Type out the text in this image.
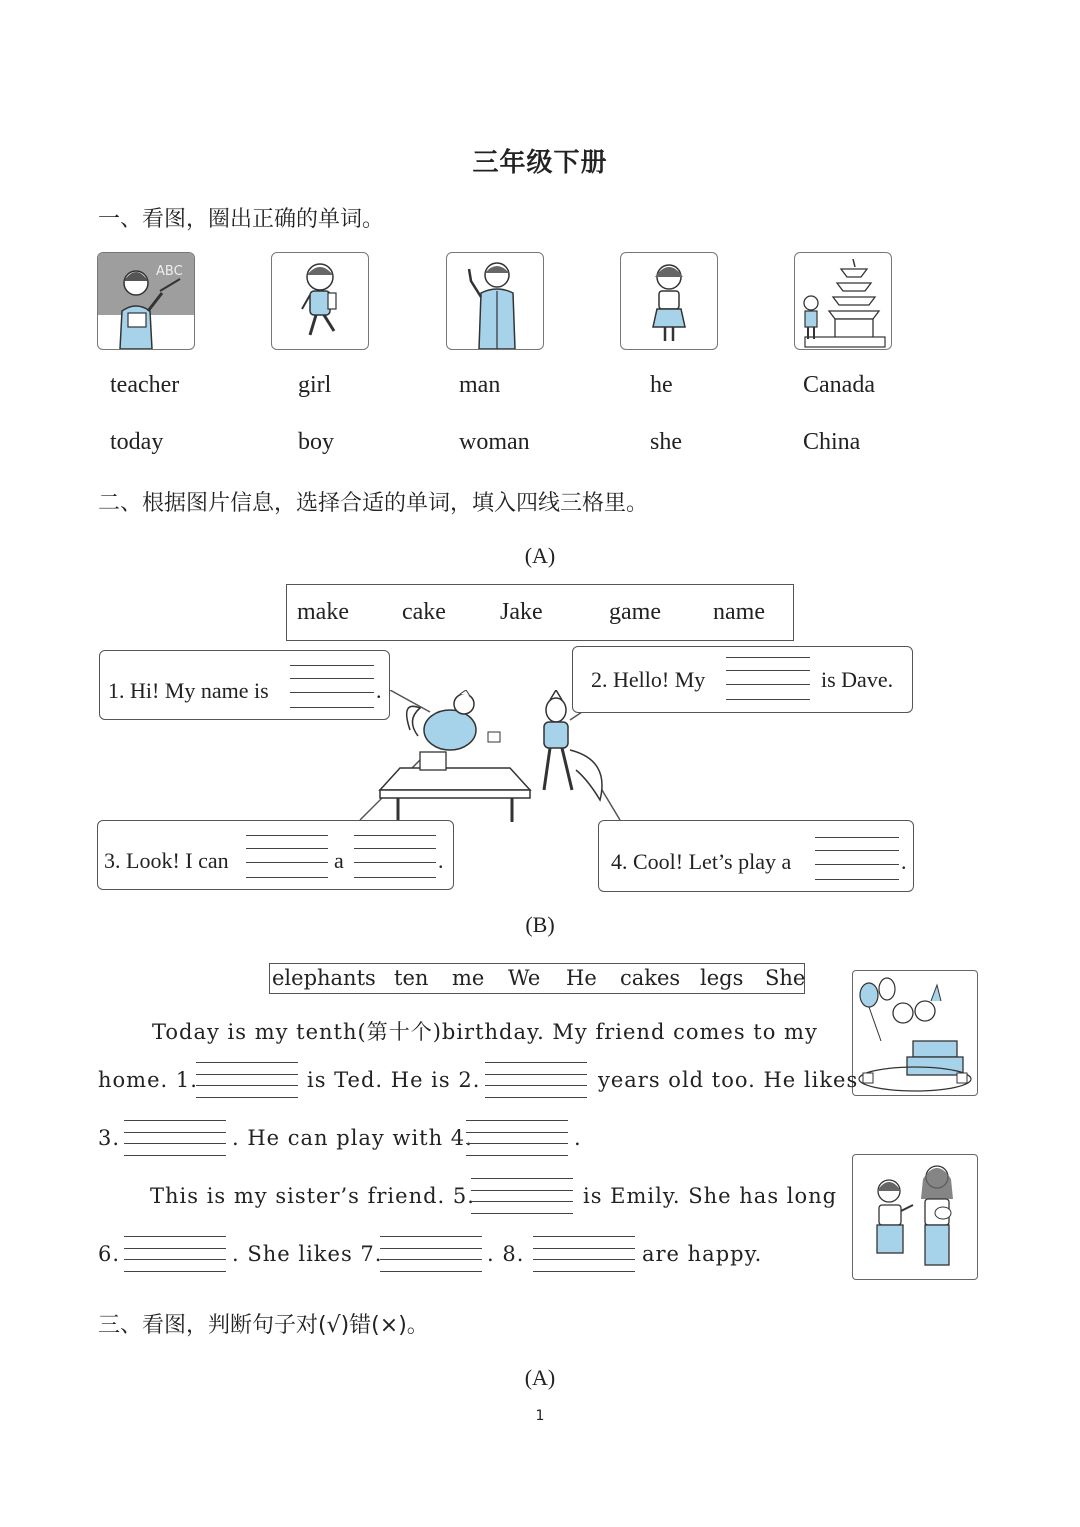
三年级下册
一、看图，圈出正确的单词。
ABC
teacher
today
girl
boy
man
woman
he
she
Canada
China
二、根据图片信息，选择合适的单词，填入四线三格里。
(A)
make cake Jake	game name
1. Hi! My name is	.	2. Hello! My	is Dave.
3. Look! I can	a	.	4. Cool! Let’s play a	.
(B)
elephants ten me We He cakes legs She
Today is my tenth(第十个)birthday. My friend comes to my
home. 1.	is Ted. He is 2.	years old too. He likes
3.	. He can play with 4.	.
This is my sister’s friend. 5.	is Emily. She has long
6.	. She likes 7.	. 8.	are happy.
三、看图，判断句子对(√)错(×)。
(A)
1
